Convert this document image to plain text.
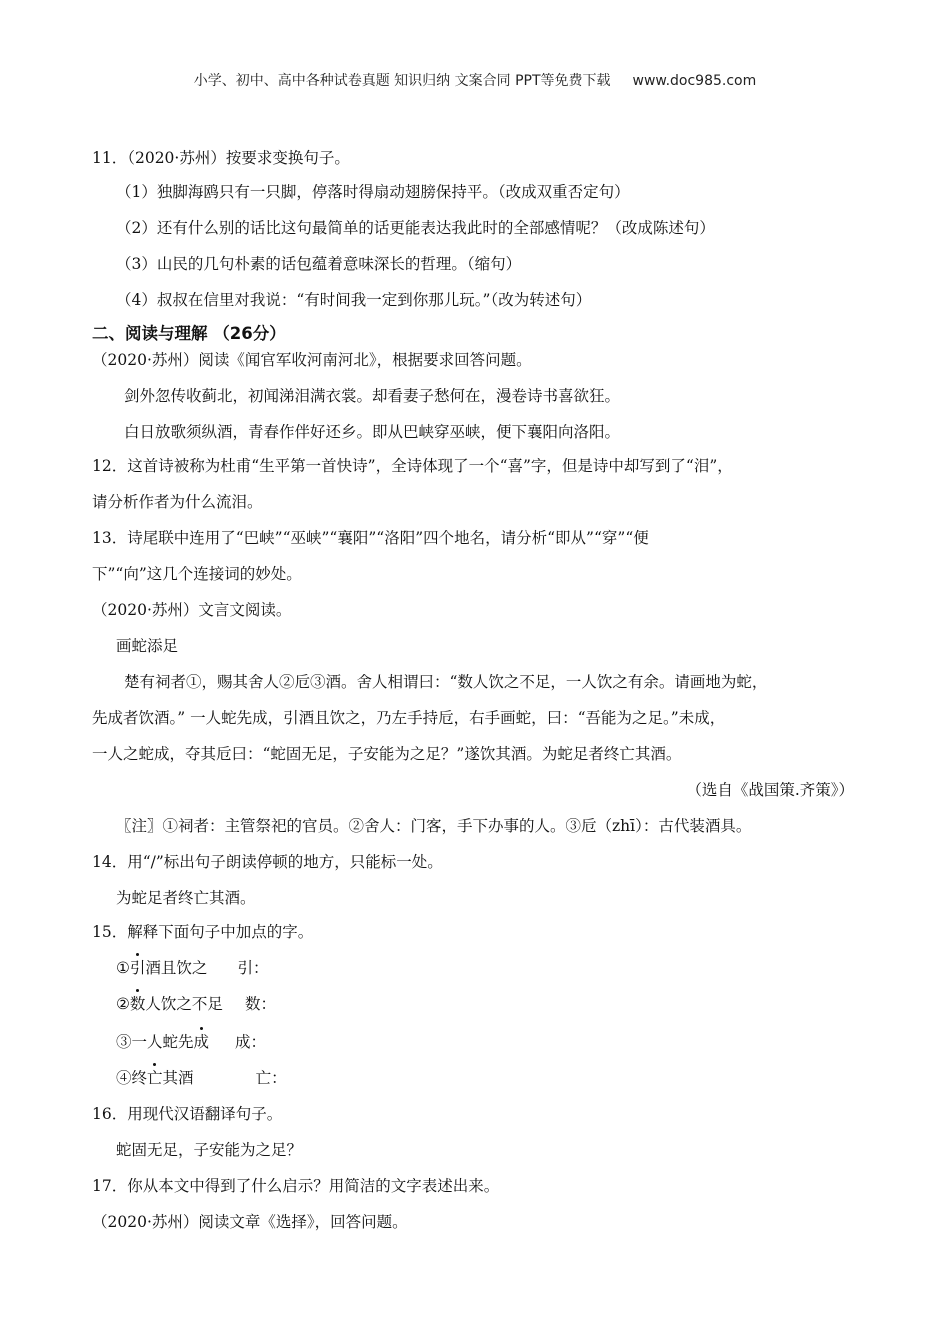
小学、初中、高中各种试卷真题 知识归纳 文案合同 PPT等免费下载 www.doc985.com
11．（2020·苏州）按要求变换句子。
（1）独脚海鸥只有一只脚，停落时得扇动翅膀保持平。（改成双重否定句）
（2）还有什么别的话比这句最简单的话更能表达我此时的全部感情呢？（改成陈述句）
（3）山民的几句朴素的话包蕴着意味深长的哲理。（缩句）
（4）叔叔在信里对我说：“有时间我一定到你那儿玩。”（改为转述句）
二、阅读与理解 （26分）
（2020·苏州）阅读《闻官军收河南河北》，根据要求回答问题。
剑外忽传收蓟北，初闻涕泪满衣裳。却看妻子愁何在，漫卷诗书喜欲狂。
白日放歌须纵酒，青春作伴好还乡。即从巴峡穿巫峡，便下襄阳向洛阳。
12．这首诗被称为杜甫“生平第一首快诗”，全诗体现了一个“喜”字，但是诗中却写到了“泪”，
请分析作者为什么流泪。
13．诗尾联中连用了“巴峡”“巫峡”“襄阳”“洛阳”四个地名，请分析“即从”“穿”“便
下”“向”这几个连接词的妙处。
（2020·苏州）文言文阅读。
画蛇添足
楚有祠者①，赐其舍人②卮③酒。舍人相谓曰：“数人饮之不足，一人饮之有余。请画地为蛇，
先成者饮酒。” 一人蛇先成，引酒且饮之，乃左手持卮，右手画蛇，曰：“吾能为之足。”未成，
一人之蛇成，夺其卮曰：“蛇固无足，子安能为之足？”遂饮其酒。为蛇足者终亡其酒。
（选自《战国策.齐策》）
〖注〗①祠者：主管祭祀的官员。②舍人：门客，手下办事的人。③卮（zhī）：古代装酒具。
14．用“/”标出句子朗读停顿的地方，只能标一处。
为蛇足者终亡其酒。
15．解释下面句子中加点的字。
①引酒且饮之 引：
②数人饮之不足 数：
③一人蛇先成 成：
④终亡其酒	亡：
16．用现代汉语翻译句子。
蛇固无足，子安能为之足？
17．你从本文中得到了什么启示？用简洁的文字表述出来。
（2020·苏州）阅读文章《选择》，回答问题。
